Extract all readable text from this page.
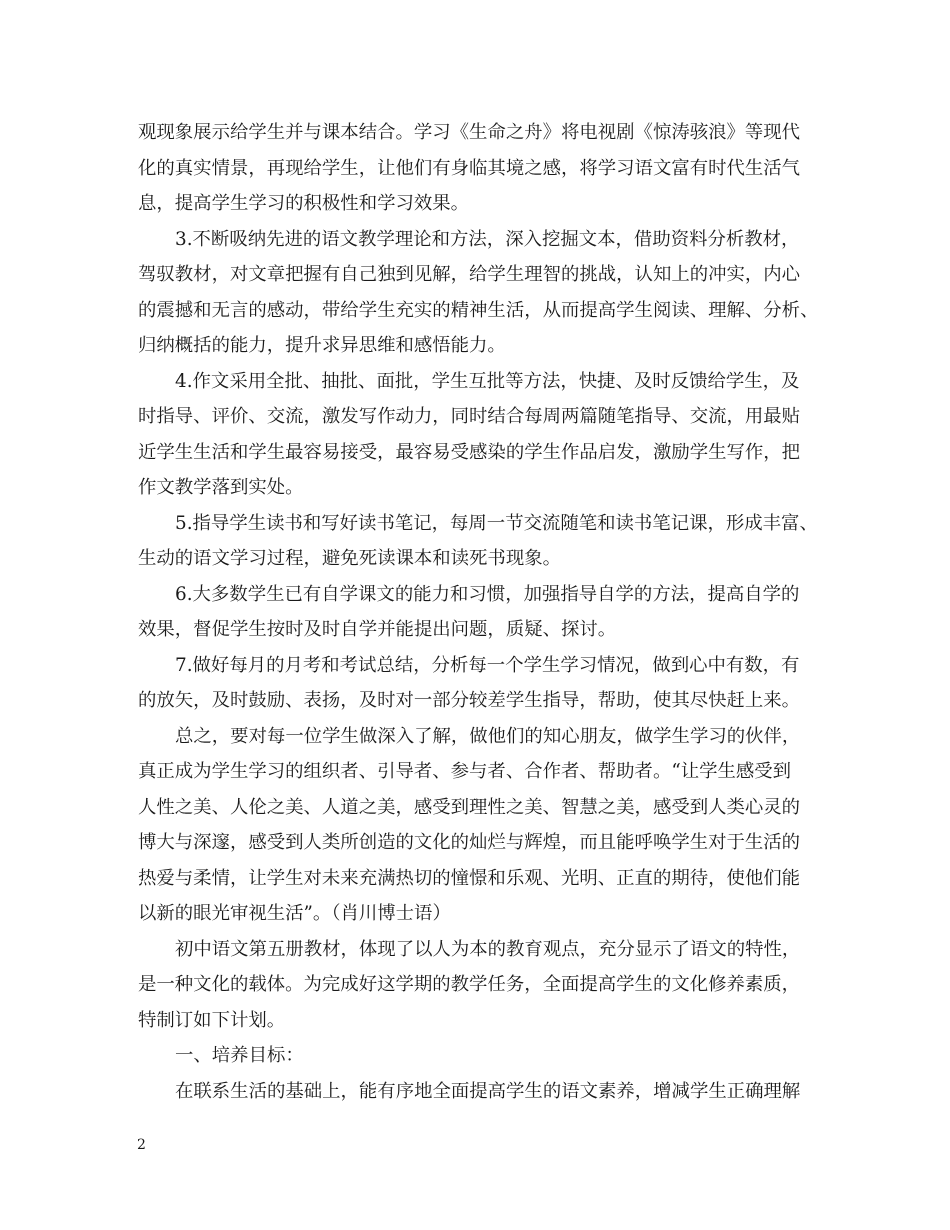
观现象展示给学生并与课本结合。学习《生命之舟》将电视剧《惊涛骇浪》等现代

化的真实情景，再现给学生，让他们有身临其境之感，将学习语文富有时代生活气

息，提高学生学习的积极性和学习效果。

3.不断吸纳先进的语文教学理论和方法，深入挖掘文本，借助资料分析教材，

驾驭教材，对文章把握有自己独到见解，给学生理智的挑战，认知上的冲实，内心

的震撼和无言的感动，带给学生充实的精神生活，从而提高学生阅读、理解、分析、

归纳概括的能力，提升求异思维和感悟能力。

4.作文采用全批、抽批、面批，学生互批等方法，快捷、及时反馈给学生，及

时指导、评价、交流，激发写作动力，同时结合每周两篇随笔指导、交流，用最贴

近学生生活和学生最容易接受，最容易受感染的学生作品启发，激励学生写作，把

作文教学落到实处。

5.指导学生读书和写好读书笔记，每周一节交流随笔和读书笔记课，形成丰富、

生动的语文学习过程，避免死读课本和读死书现象。

6.大多数学生已有自学课文的能力和习惯，加强指导自学的方法，提高自学的

效果，督促学生按时及时自学并能提出问题，质疑、探讨。

7.做好每月的月考和考试总结，分析每一个学生学习情况，做到心中有数，有

的放矢，及时鼓励、表扬，及时对一部分较差学生指导，帮助，使其尽快赶上来。

总之，要对每一位学生做深入了解，做他们的知心朋友，做学生学习的伙伴，

真正成为学生学习的组织者、引导者、参与者、合作者、帮助者。“让学生感受到

人性之美、人伦之美、人道之美，感受到理性之美、智慧之美，感受到人类心灵的

博大与深邃，感受到人类所创造的文化的灿烂与辉煌，而且能呼唤学生对于生活的

热爱与柔情，让学生对未来充满热切的憧憬和乐观、光明、正直的期待，使他们能

以新的眼光审视生活”。（肖川博士语）

初中语文第五册教材，体现了以人为本的教育观点，充分显示了语文的特性，

是一种文化的载体。为完成好这学期的教学任务，全面提高学生的文化修养素质，

特制订如下计划。

一、培养目标：

在联系生活的基础上，能有序地全面提高学生的语文素养，增减学生正确理解

2
